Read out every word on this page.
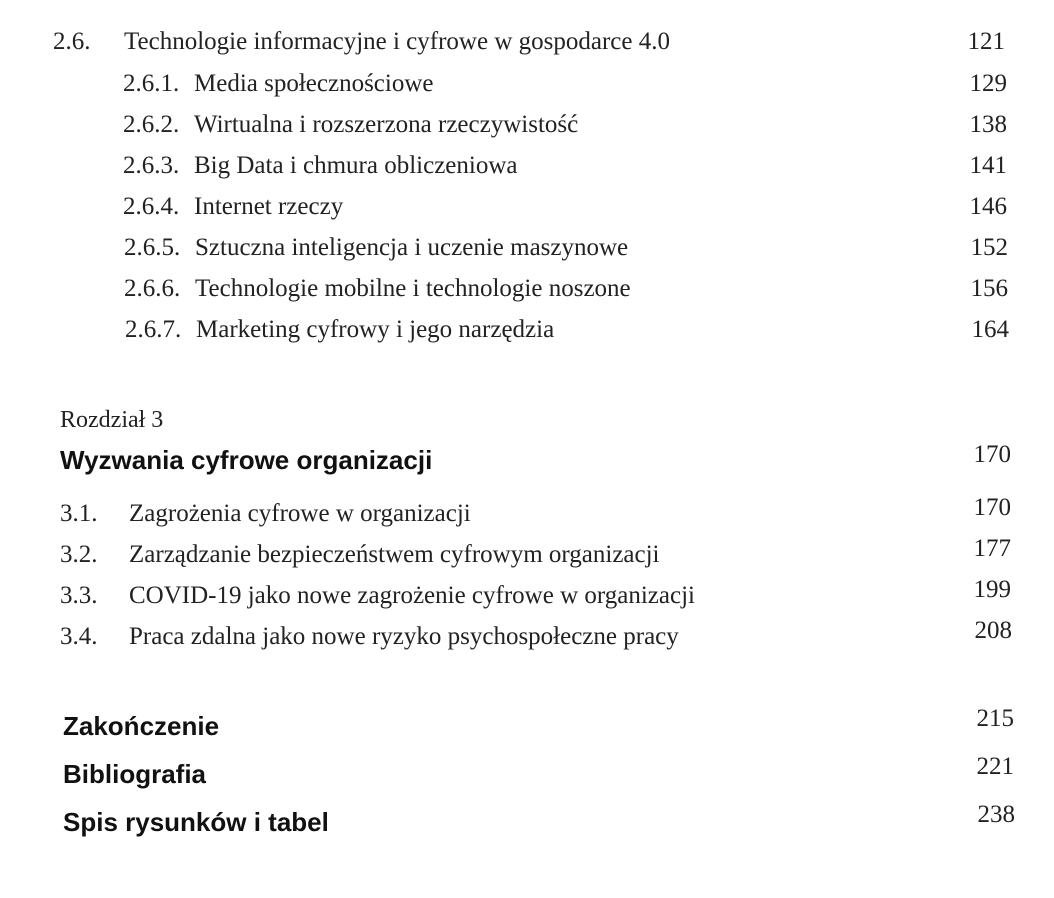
2.6. Technologie informacyjne i cyfrowe w gospodarce 4.0	121
2.6.1. Media społecznościowe	129
2.6.2. Wirtualna i rozszerzona rzeczywistość	138
2.6.3. Big Data i chmura obliczeniowa	141
2.6.4. Internet rzeczy	146
2.6.5. Sztuczna inteligencja i uczenie maszynowe	152
2.6.6. Technologie mobilne i technologie noszone	156
2.6.7. Marketing cyfrowy i jego narzędzia	164
Rozdział 3
Wyzwania cyfrowe organizacji	170
3.1. Zagrożenia cyfrowe w organizacji	170
3.2. Zarządzanie bezpieczeństwem cyfrowym organizacji	177
3.3. COVID-19 jako nowe zagrożenie cyfrowe w organizacji	199
3.4. Praca zdalna jako nowe ryzyko psychospołeczne pracy	208
Zakończenie	215
Bibliografia	221
Spis rysunków i tabel	238
